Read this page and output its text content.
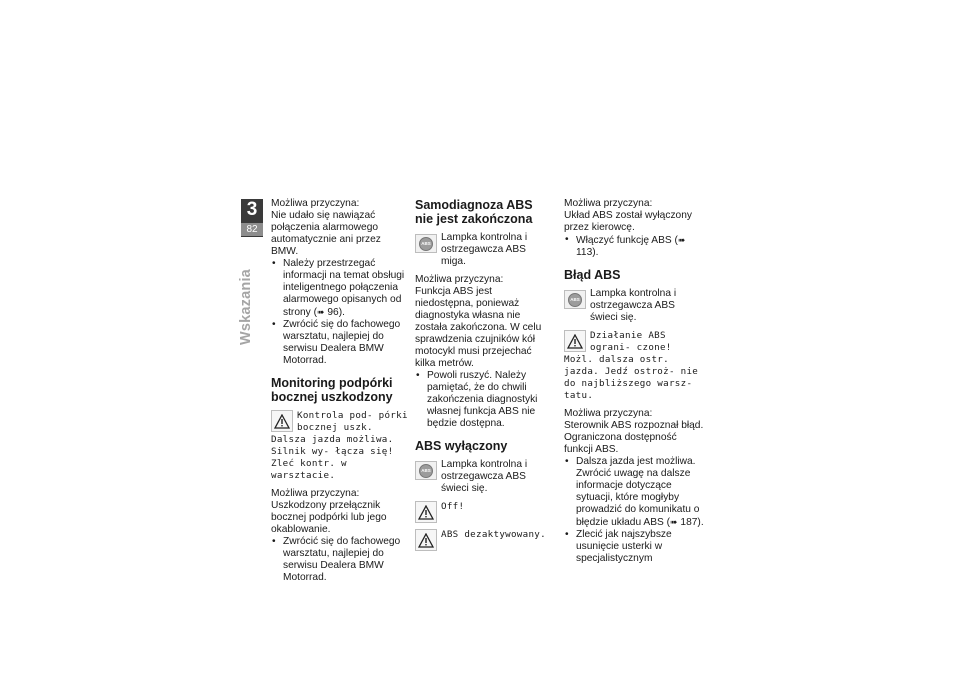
3
82
Wskazania

Możliwa przyczyna:

Nie udało się nawiązać połączenia alarmowego automatycznie ani przez BMW.

• Należy przestrzegać informacji na temat obsługi inteligentnego połączenia alarmowego opisanych od strony (➠ 96).
• Zwrócić się do fachowego warsztatu, najlepiej do serwisu Dealera BMW Motorrad.
Monitoring podpórki bocznej uszkodzony
Kontrola pod- pórki bocznej uszk. Dalsza jazda możliwa. Silnik wy- łącza się! Zleć kontr. w warsztacie.

Możliwa przyczyna:

Uszkodzony przełącznik bocznej podpórki lub jego okablowanie.

• Zwrócić się do fachowego warsztatu, najlepiej do serwisu Dealera BMW Motorrad.
Samodiagnoza ABS nie jest zakończona
ABS Lampka kontrolna i ostrzegawcza ABS miga.

Możliwa przyczyna:

Funkcja ABS jest niedostępna, ponieważ diagnostyka własna nie została zakończona. W celu sprawdzenia czujników kół motocykl musi przejechać kilka metrów.

• Powoli ruszyć. Należy pamiętać, że do chwili zakończenia diagnostyki własnej funkcja ABS nie będzie dostępna.
ABS wyłączony
ABS Lampka kontrolna i ostrzegawcza ABS świeci się.
Off!
ABS dezaktywowany.

Możliwa przyczyna:

Układ ABS został wyłączony przez kierowcę.

• Włączyć funkcję ABS (➠ 113).
Błąd ABS
ABS Lampka kontrolna i ostrzegawcza ABS świeci się.
Działanie ABS ograni- czone! Możl. dalsza ostr. jazda. Jedź ostroż- nie do najbliższego warsz- tatu.

Możliwa przyczyna:

Sterownik ABS rozpoznał błąd. Ograniczona dostępność funkcji ABS.

• Dalsza jazda jest możliwa. Zwrócić uwagę na dalsze informacje dotyczące sytuacji, które mogłyby prowadzić do komunikatu o błędzie układu ABS (➠ 187).
• Zlecić jak najszybsze usunięcie usterki w specjalistycznym
